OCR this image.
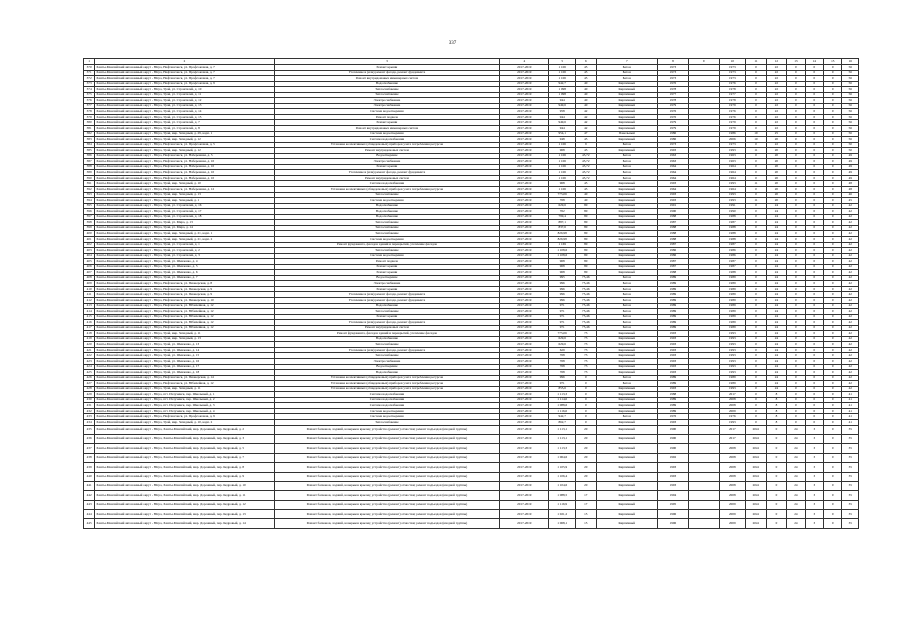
337
1	2	3	4	5	6	7	8	9	10	11	12	13	14	15	16
370	Ханты-Мансийский автономный округ - Югра, Нефтеюганск, ул. Профсоюзная, д. 7	Ремонт крыши	2017-2019	1 106	45	Бетон	1973		1973	0	22	0	0	0	56
371	Ханты-Мансийский автономный округ - Югра, Нефтеюганск, ул. Профсоюзная, д. 7	Утепление и (или) ремонт фасада, ремонт фундамента	2017-2019	1 106	45	Бетон	1973		1973	0	22	0	0	0	56
372	Ханты-Мансийский автономный округ - Югра, Нефтеюганск, ул. Профсоюзная, д. 7	Ремонт внутридомовых инженерных систем	2017-2019	1 106	45	Бетон	1973		1973	0	22	0	0	0	56
373	Ханты-Мансийский автономный округ - Югра, Нефтеюганск, ул. Профсоюзная, д. 9	Водоснабжение	2017-2019	942,7	40	Кирпичный	1976		1976	0	22	0	0	0	56
374	Ханты-Мансийский автономный округ - Югра, Урай, ул. Строителей, д. 10	Теплоснабжение	2017-2019	1 098	40	Кирпичный	1978		1978	0	22	0	0	0	56
375	Ханты-Мансийский автономный округ - Югра, Урай, ул. Строителей, д. 11	Теплоснабжение	2017-2019	1 098	40	Кирпичный	1977		1977	0	22	0	0	0	56
376	Ханты-Мансийский автономный округ - Югра, Урай, ул. Строителей, д. 12	Электроснабжение	2017-2019	944	40	Кирпичный	1978		1978	0	22	0	0	0	56
377	Ханты-Мансийский автономный округ - Югра, Урай, ул. Строителей, д. 13	Электроснабжение	2017-2019	949,6	40	Кирпичный	1979		1979	0	22	0	0	0	56
378	Ханты-Мансийский автономный округ - Югра, Урай, ул. Строителей, д. 14	Система водоотведения	2017-2019	958	42	Кирпичный	1976		1976	0	22	0	0	0	56
379	Ханты-Мансийский автономный округ - Югра, Урай, ул. Строителей, д. 15	Ремонт подвала	2017-2019	944	42	Кирпичный	1976		1976	0	22	0	0	0	56
380	Ханты-Мансийский автономный округ - Югра, Урай, ул. Строителей, д. 7	Ремонт крыши	2017-2019	949,6	42	Кирпичный	1979		1979	0	22	0	0	0	56
381	Ханты-Мансийский автономный округ - Югра, Урай, ул. Строителей, д. 8	Ремонт внутридомовых инженерных систем	2017-2019	944	42	Кирпичный	1979		1979	0	22	0	0	0	56
382	Ханты-Мансийский автономный округ - Югра, Урай, мкр. Западный, д. 29, корп. 1	Система водоотведения	2017-2019	954,1	47	Панельный	1986		1986	19	25	0	0	0	56
383	Ханты-Мансийский автономный округ - Югра, Урай, мкр. Западный, д. 12	Система водоснабжения	2017-2019	948	45	Кирпичный	1986		2006	10	20	0	0	0	56
384	Ханты-Мансийский автономный округ - Югра, Нефтеюганск, ул. Профсоюзная, д. 5	Установка коллективных (общедомовых) приборов учета потребления ресурсов	2017-2019	1 106	9	Бетон	1973		1973	0	22	0	0	0	50
385	Ханты-Мансийский автономный округ - Югра, Урай, мкр. Западный, д. 12	Ремонт внутридомовых систем	2017-2019	968	45	Кирпичный	1993		1993	11	20	0	0	0	50
386	Ханты-Мансийский автономный округ - Югра, Нефтеюганск, ул. Набережная, д. 5	Водоотведение	2017-2019	1 106	45,72	Бетон	1963		1963	0	20	0	0	0	49
387	Ханты-Мансийский автономный округ - Югра, Нефтеюганск, ул. Набережная, д. 10	Электроснабжение	2017-2019	1 106	45,72	Бетон	1963		1963	0	20	0	0	0	49
388	Ханты-Мансийский автономный округ - Югра, Нефтеюганск, ул. Набережная, д. 10	Ремонт крыши	2017-2019	1 106	45,72	Бетон	1964		1964	0	20	0	0	0	49
389	Ханты-Мансийский автономный округ - Югра, Нефтеюганск, ул. Набережная, д. 10	Утепление и (или) ремонт фасада, ремонт фундамента	2017-2019	1 106	45,72	Бетон	1964		1964	0	20	0	0	0	49
390	Ханты-Мансийский автономный округ - Югра, Нефтеюганск, ул. Набережная, д. 10	Ремонт внутридомовых систем	2017-2019	1 106	45,72	Бетон	1964		1964	0	20	0	0	0	49
391	Ханты-Мансийский автономный округ - Югра, Урай, мкр. Западный, д. 10	Система водоснабжения	2017-2019	968	45	Кирпичный	1993		1993	11	20	0	0	0	48
392	Ханты-Мансийский автономный округ - Югра, Нефтеюганск, ул. Набережная, д. 12	Установка коллективных (общедомовых) приборов учета потребления ресурсов	2017-2019	1 106	45	Кирпичный	1964		1964	0	20	0	0	0	48
393	Ханты-Мансийский автономный округ - Югра, Урай, мкр. Западный, д. 13	Теплоснабжение	2017-2019	775,06	40	Кирпичный	1993		1993	0	20	0	0	0	46
394	Ханты-Мансийский автономный округ - Югра, Урай, мкр. Западный, д. 1	Система водоотведения	2017-2019	768	40	Кирпичный	1993		1993	11	20	0	0	0	45
395	Ханты-Мансийский автономный округ - Югра, Урай, ул. Строителей, д. 16	Водоснабжение	2017-2019	629,6	80	Кирпичный	1991		1991	0	24	0	0	0	42
396	Ханты-Мансийский автономный округ - Югра, Урай, ул. Строителей, д. 17	Водоснабжение	2017-2019	762	80	Кирпичный	1990		1990	0	24	0	0	0	42
397	Ханты-Мансийский автономный округ - Югра, Урай, ул. Строителей, д. 18	Водоснабжение	2017-2019	799,4	80	Кирпичный	1988		1988	0	24	0	0	0	42
398	Ханты-Мансийский автономный округ - Югра, Урай, ул. Мира, д. 13	Теплоснабжение	2017-2019	887,1	80	Кирпичный	1987		1987	0	24	0	0	0	42
399	Ханты-Мансийский автономный округ - Югра, Урай, ул. Мира, д. 14	Теплоснабжение	2017-2019	837,6	80	Кирпичный	1988		1988	0	24	0	0	0	42
400	Ханты-Мансийский автономный округ - Югра, Урай, мкр. Западный, д. 21, корп. 1	Теплоснабжение	2017-2019	826,98	80	Кирпичный	1988		1988	0	24	0	0	0	42
401	Ханты-Мансийский автономный округ - Югра, Урай, мкр. Западный, д. 21, корп. 2	Система водоотведения	2017-2019	826,98	80	Кирпичный	1988		1988	0	24	0	0	0	42
402	Ханты-Мансийский автономный округ - Югра, Урай, ул. Строителей, д. 1	Ремонт фундамента, фасадов зданий и перекрытий, утепление фасадов	2017-2019	1 169	80	Кирпичный	1987		1987	0	24	0	0	0	42
403	Ханты-Мансийский автономный округ - Югра, Урай, ул. Строителей, д. 2	Теплоснабжение	2017-2019	1 108,6	80	Кирпичный	1986		1986	0	24	0	0	0	42
404	Ханты-Мансийский автономный округ - Югра, Урай, ул. Строителей, д. 3	Система водоотведения	2017-2019	1 108,6	80	Кирпичный	1986		1986	0	24	0	0	0	42
405	Ханты-Мансийский автономный округ - Югра, Урай, ул. Шевченко, д. 4	Ремонт подвала	2017-2019	968	80	Кирпичный	1987		1987	0	24	0	0	0	42
406	Ханты-Мансийский автономный округ - Югра, Урай, ул. Шевченко, д. 5	Ремонт крыши	2017-2019	968	80	Кирпичный	1987		1987	0	24	0	0	0	42
407	Ханты-Мансийский автономный округ - Югра, Урай, ул. Шевченко, д. 6	Ремонт крыши	2017-2019	968	80	Кирпичный	1988		1988	0	24	0	0	0	42
408	Ханты-Мансийский автономный округ - Югра, Урай, ул. Шевченко, д. 7	Водоотведение	2017-2019	995	75,46	Бетон	1989		1989	0	24	0	0	0	42
409	Ханты-Мансийский автономный округ - Югра, Нефтеюганск, ул. Пионерская, д. 8	Электроснабжение	2017-2019	996	75,46	Бетон	1989		1989	0	24	0	0	0	42
410	Ханты-Мансийский автономный округ - Югра, Нефтеюганск, ул. Пионерская, д. 9	Ремонт крыши	2017-2019	996	75,46	Бетон	1989		1989	0	24	0	0	0	42
411	Ханты-Мансийский автономный округ - Югра, Нефтеюганск, ул. Пионерская, д. 9	Утепление и (или) ремонт фасада, ремонт фундамента	2017-2019	996	75,46	Бетон	1989		1989	0	24	0	0	0	42
412	Ханты-Мансийский автономный округ - Югра, Нефтеюганск, ул. Пионерская, д. 10	Утепление и (или) ремонт фасада, ремонт фундамента	2017-2019	996	75,46	Бетон	1989		1989	0	24	0	0	0	42
413	Ханты-Мансийский автономный округ - Югра, Нефтеюганск, ул. Юбилейная, д. 12	Водоснабжение	2017-2019	971	75,46	Бетон	1989		1989	0	24	0	0	0	42
414	Ханты-Мансийский автономный округ - Югра, Нефтеюганск, ул. Юбилейная, д. 12	Теплоснабжение	2017-2019	971	75,46	Бетон	1989		1989	0	24	0	0	0	42
415	Ханты-Мансийский автономный округ - Югра, Нефтеюганск, ул. Юбилейная, д. 12	Ремонт крыши	2017-2019	971	75,46	Бетон	1989		1989	0	24	0	0	0	42
416	Ханты-Мансийский автономный округ - Югра, Нефтеюганск, ул. Юбилейная, д. 12	Утепление и (или) ремонт фасада, ремонт фундамента	2017-2019	971	75,46	Бетон	1989		1989	0	24	0	0	0	42
417	Ханты-Мансийский автономный округ - Югра, Нефтеюганск, ул. Юбилейная, д. 12	Ремонт внутридомовых систем	2017-2019	971	75,46	Бетон	1989		1989	0	24	0	0	0	42
418	Ханты-Мансийский автономный округ - Югра, Урай, мкр. Западный, д. 11	Ремонт фундамента, фасадов зданий и перекрытий, утепление фасадов	2017-2019	775,06	73	Кирпичный	1993		1993	0	24	0	0	0	42
419	Ханты-Мансийский автономный округ - Югра, Урай, мкр. Западный, д. 13	Водоснабжение	2017-2019	629,6	73	Кирпичный	1993		1993	0	24	0	0	0	42
420	Ханты-Мансийский автономный округ - Югра, Урай, ул. Шевченко, д. 13	Теплоснабжение	2017-2019	629,6	73	Кирпичный	1993		1993	0	24	0	0	0	42
421	Ханты-Мансийский автономный округ - Югра, Урай, ул. Шевченко, д. 14	Утепление и (или) ремонт фасада, ремонт фундамента	2017-2019	629	73	Кирпичный	1993		1993	0	24	0	0	0	42
422	Ханты-Мансийский автономный округ - Югра, Урай, ул. Шевченко, д. 15	Теплоснабжение	2017-2019	768	73	Кирпичный	1993		1993	0	24	0	0	0	42
423	Ханты-Мансийский автономный округ - Югра, Урай, ул. Шевченко, д. 16	Электроснабжение	2017-2019	768	73	Кирпичный	1993		1993	0	24	0	0	0	42
424	Ханты-Мансийский автономный округ - Югра, Урай, ул. Шевченко, д. 17	Водоотведение	2017-2019	768	73	Кирпичный	1993		1993	0	24	0	0	0	42
425	Ханты-Мансийский автономный округ - Югра, Урай, ул. Шевченко, д. 18	Водоснабжение	2017-2019	768	73	Кирпичный	1993		1993	0	24	0	0	0	42
426	Ханты-Мансийский автономный округ - Югра, Нефтеюганск, ул. Пионерская, д. 14	Установка коллективных (общедомовых) приборов учета потребления ресурсов	2017-2019	996	0	Бетон	1989		1989	0	24	0	0	0	42
427	Ханты-Мансийский автономный округ - Югра, Нефтеюганск, ул. Юбилейная, д. 12	Установка коллективных (общедомовых) приборов учета потребления ресурсов	2017-2019	971	0	Бетон	1989		1989	0	24	0	0	0	42
428	Ханты-Мансийский автономный округ - Югра, Урай, мкр. Западный, д. 11	Установка коллективных (общедомовых) приборов учета потребления ресурсов	2017-2019	855,6	0	Кирпичный	1993		1993	0	24	0	0	0	42
429	Ханты-Мансийский автономный округ - Югра, пгт. Излучинск, пер. Школьный, д. 1	Система водоснабжения	2017-2019	1 113,3	0	Кирпичный	1988		2017	0	8	0	0	0	41
430	Ханты-Мансийский автономный округ - Югра, пгт. Излучинск, пер. Школьный, д. 2	Система водоснабжения	2017-2019	1 114,6	0	Кирпичный	1989		2008	0	8	0	0	0	41
431	Ханты-Мансийский автономный округ - Югра, пгт. Излучинск, пер. Школьный, д. 3	Система водоснабжения	2017-2019	1 088,6	0	Кирпичный	1989		2008	0	8	0	0	0	41
432	Ханты-Мансийский автономный округ - Югра, пгт. Излучинск, пер. Школьный, д. 4	Система водоотведения	2017-2019	1 116,6	0	Кирпичный	1989		2009	0	8	0	0	0	41
433	Ханты-Мансийский автономный округ - Югра, Нефтеюганск, ул. Профсоюзная, д. 9	Система водоотведения	2017-2019	942,7	0	Бетон	1976		1976	0	8	0	0	0	41
434	Ханты-Мансийский автономный округ - Югра, Урай, мкр. Западный, д. 10, корп. 2	Теплоснабжение	2017-2019	862,7	0	Кирпичный	1993		1993	0	8	0	0	0	41
435	Ханты-Мансийский автономный округ - Югра, Ханты-Мансийский, мкр. Дорожный, пер. Кедровый, д. 2	Ремонт балконов, лоджий, козырьков крылец; устройство (ремонт) отмостки; ремонт подъездов (входной группы)	2017-2019	1 113,1	20	Кирпичный	1990		2017	2041	0	24	3	0	35
436	Ханты-Мансийский автономный округ - Югра, Ханты-Мансийский, мкр. Дорожный, пер. Кедровый, д. 3	Ремонт балконов, лоджий, козырьков крылец; устройство (ремонт) отмостки; ремонт подъездов (входной группы)	2017-2019	1 113,1	20	Кирпичный	1990		2017	2041	0	24	3	0	35
437	Ханты-Мансийский автономный округ - Югра, Ханты-Мансийский, мкр. Дорожный, пер. Кедровый, д. 5	Ремонт балконов, лоджий, козырьков крылец; устройство (ремонт) отмостки; ремонт подъездов (входной группы)	2017-2019	1 113,3	20	Кирпичный	1990		2008	2041	0	24	3	0	35
438	Ханты-Мансийский автономный округ - Югра, Ханты-Мансийский, мкр. Дорожный, пер. Кедровый, д. 7	Ремонт балконов, лоджий, козырьков крылец; устройство (ремонт) отмостки; ремонт подъездов (входной группы)	2017-2019	1 064,6	20	Кирпичный	1992		2008	2041	0	24	3	0	35
439	Ханты-Мансийский автономный округ - Югра, Ханты-Мансийский, мкр. Дорожный, пер. Кедровый, д. 8	Ремонт балконов, лоджий, козырьков крылец; устройство (ремонт) отмостки; ремонт подъездов (входной группы)	2017-2019	1 105,9	20	Кирпичный	1993		2008	2041	0	24	3	0	35
440	Ханты-Мансийский автономный округ - Югра, Ханты-Мансийский, мкр. Дорожный, пер. Кедровый, д. 9	Ремонт балконов, лоджий, козырьков крылец; устройство (ремонт) отмостки; ремонт подъездов (входной группы)	2017-2019	1 106,4	20	Кирпичный	1993		2008	2041	0	24	3	0	35
441	Ханты-Мансийский автономный округ - Югра, Ханты-Мансийский, мкр. Дорожный, пер. Кедровый, д. 10	Ремонт балконов, лоджий, козырьков крылец; устройство (ремонт) отмостки; ремонт подъездов (входной группы)	2017-2019	1 104,6	20	Кирпичный	1993		2008	2041	0	24	3	0	35
442	Ханты-Мансийский автономный округ - Югра, Ханты-Мансийский, мкр. Дорожный, пер. Кедровый, д. 11	Ремонт балконов, лоджий, козырьков крылец; устройство (ремонт) отмостки; ремонт подъездов (входной группы)	2017-2019	1 088,5	17	Кирпичный	1994		2008	2041	0	24	3	0	35
443	Ханты-Мансийский автономный округ - Югра, Ханты-Мансийский, мкр. Дорожный, пер. Кедровый, д. 12	Ремонт балконов, лоджий, козырьков крылец; устройство (ремонт) отмостки; ремонт подъездов (входной группы)	2017-2019	1 116,9	17	Кирпичный	1995		2009	2041	0	24	3	0	35
444	Ханты-Мансийский автономный округ - Югра, Ханты-Мансийский, мкр. Дорожный, пер. Кедровый, д. 13	Ремонт балконов, лоджий, козырьков крылец; устройство (ремонт) отмостки; ремонт подъездов (входной группы)	2017-2019	1 021,2	15	Кирпичный	1996		2009	2041	0	24	3	0	35
445	Ханты-Мансийский автономный округ - Югра, Ханты-Мансийский, мкр. Дорожный, пер. Кедровый, д. 14	Ремонт балконов, лоджий, козырьков крылец; устройство (ремонт) отмостки; ремонт подъездов (входной группы)	2017-2019	1 068,1	15	Кирпичный	1996		2009	2041	0	24	3	0	35
